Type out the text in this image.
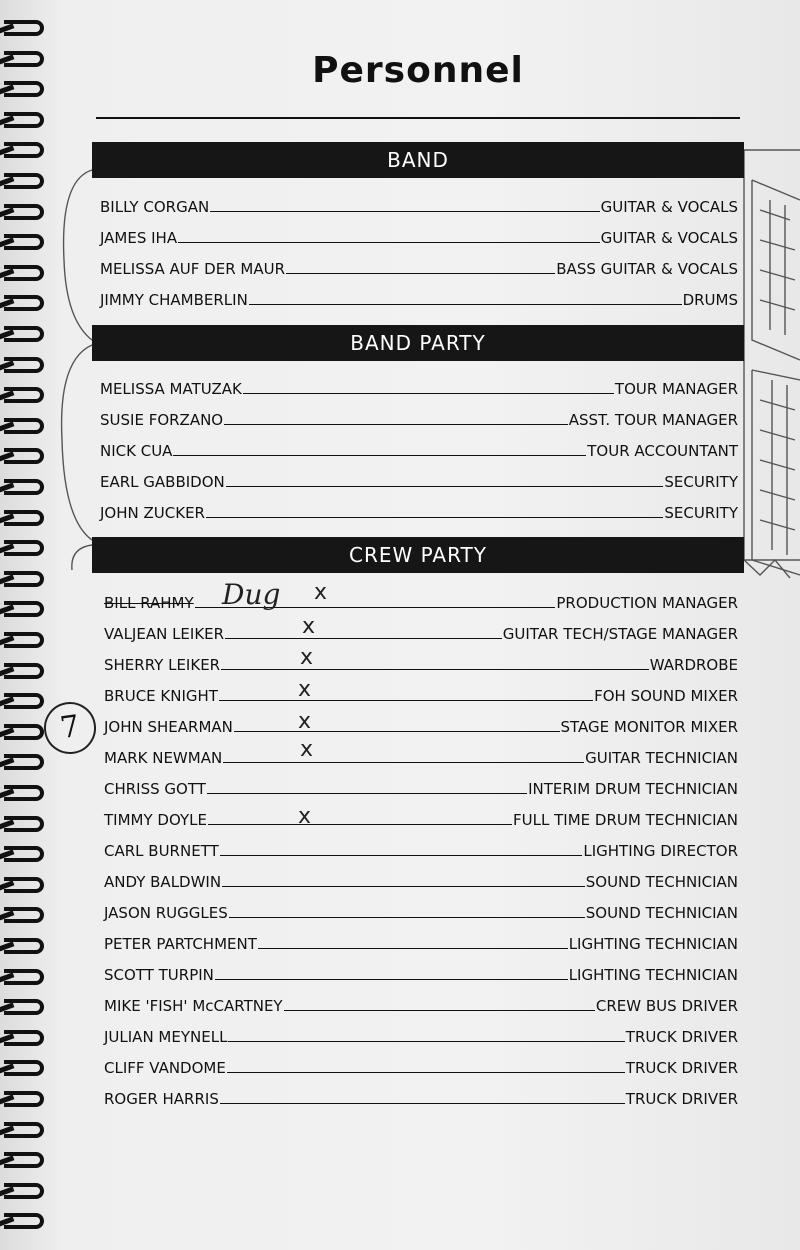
Personnel
BAND
BAND PARTY
CREW PARTY
BILLY CORGAN	GUITAR & VOCALS
JAMES IHA	GUITAR & VOCALS
MELISSA AUF DER MAUR	BASS GUITAR & VOCALS
JIMMY CHAMBERLIN	DRUMS
MELISSA MATUZAK	TOUR MANAGER
SUSIE FORZANO	ASST. TOUR MANAGER
NICK CUA	TOUR ACCOUNTANT
EARL GABBIDON	SECURITY
JOHN ZUCKER	SECURITY
BILL RAHMY	PRODUCTION MANAGER
VALJEAN LEIKER	GUITAR TECH/STAGE MANAGER
SHERRY LEIKER	WARDROBE
BRUCE KNIGHT	FOH SOUND MIXER
JOHN SHEARMAN	STAGE MONITOR MIXER
MARK NEWMAN	GUITAR TECHNICIAN
CHRISS GOTT	INTERIM DRUM TECHNICIAN
TIMMY DOYLE	FULL TIME DRUM TECHNICIAN
CARL BURNETT	LIGHTING DIRECTOR
ANDY BALDWIN	SOUND TECHNICIAN
JASON RUGGLES	SOUND TECHNICIAN
PETER PARTCHMENT	LIGHTING TECHNICIAN
SCOTT TURPIN	LIGHTING TECHNICIAN
MIKE 'FISH' McCARTNEY	CREW BUS DRIVER
JULIAN MEYNELL	TRUCK DRIVER
CLIFF VANDOME	TRUCK DRIVER
ROGER HARRIS	TRUCK DRIVER
Dug x
x
x
x
x
x
x
7
